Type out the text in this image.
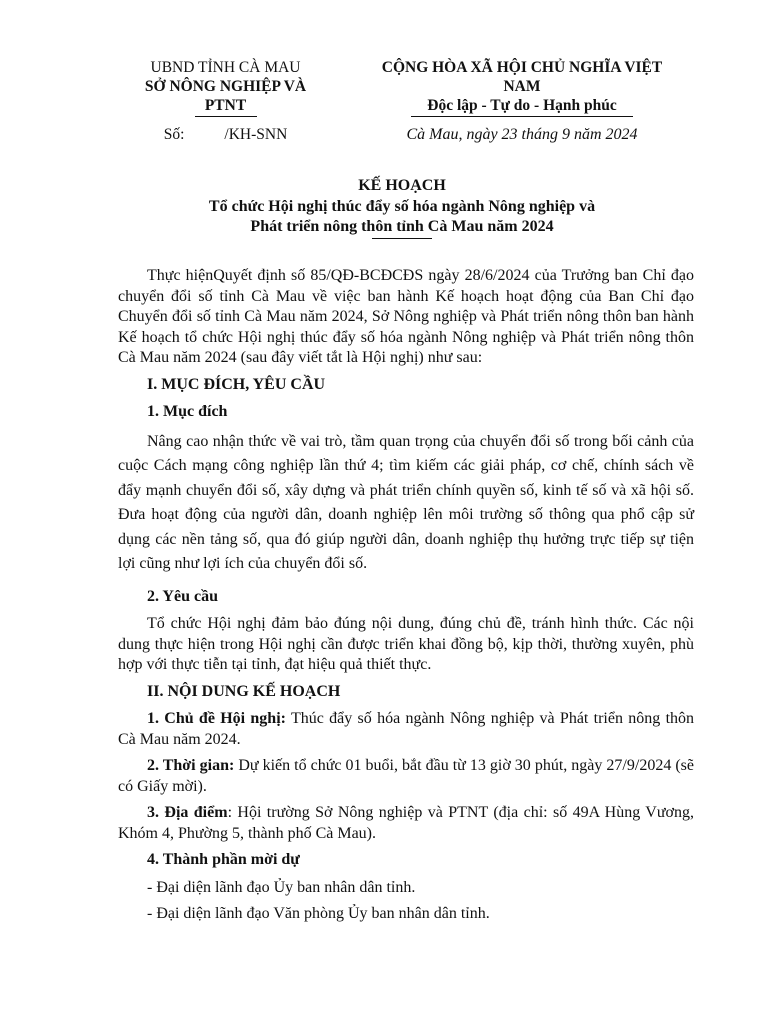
UBND TỈNH CÀ MAU
SỞ NÔNG NGHIỆP VÀ
PTNT
Số:	/KH-SNN
CỘNG HÒA XÃ HỘI CHỦ NGHĨA VIỆT
NAM
Độc lập - Tự do - Hạnh phúc
Cà Mau, ngày 23 tháng 9 năm 2024
KẾ HOẠCH
Tổ chức Hội nghị thúc đẩy số hóa ngành Nông nghiệp và
Phát triển nông thôn tỉnh Cà Mau năm 2024

Thực hiệnQuyết định số 85/QĐ-BCĐCĐS ngày 28/6/2024 của Trưởng ban Chỉ đạo chuyển đổi số tỉnh Cà Mau về việc ban hành Kế hoạch hoạt động của Ban Chỉ đạo Chuyển đổi số tỉnh Cà Mau năm 2024, Sở Nông nghiệp và Phát triển nông thôn ban hành Kế hoạch tổ chức Hội nghị thúc đẩy số hóa ngành Nông nghiệp và Phát triển nông thôn Cà Mau năm 2024 (sau đây viết tắt là Hội nghị) như sau:

I. MỤC ĐÍCH, YÊU CẦU
1. Mục đích

Nâng cao nhận thức về vai trò, tầm quan trọng của chuyển đổi số trong bối cảnh của cuộc Cách mạng công nghiệp lần thứ 4; tìm kiếm các giải pháp, cơ chế, chính sách về đẩy mạnh chuyển đổi số, xây dựng và phát triển chính quyền số, kinh tế số và xã hội số. Đưa hoạt động của người dân, doanh nghiệp lên môi trường số thông qua phổ cập sử dụng các nền tảng số, qua đó giúp người dân, doanh nghiệp thụ hưởng trực tiếp sự tiện lợi cũng như lợi ích của chuyển đổi số.

2. Yêu cầu

Tổ chức Hội nghị đảm bảo đúng nội dung, đúng chủ đề, tránh hình thức. Các nội dung thực hiện trong Hội nghị cần được triển khai đồng bộ, kịp thời, thường xuyên, phù hợp với thực tiễn tại tỉnh, đạt hiệu quả thiết thực.

II. NỘI DUNG KẾ HOẠCH

1. Chủ đề Hội nghị: Thúc đẩy số hóa ngành Nông nghiệp và Phát triển nông thôn Cà Mau năm 2024.

2. Thời gian: Dự kiến tổ chức 01 buổi, bắt đầu từ 13 giờ 30 phút, ngày 27/9/2024 (sẽ có Giấy mời).

3. Địa điểm: Hội trường Sở Nông nghiệp và PTNT (địa chỉ: số 49A Hùng Vương, Khóm 4, Phường 5, thành phố Cà Mau).

4. Thành phần mời dự

- Đại diện lãnh đạo Ủy ban nhân dân tỉnh.

- Đại diện lãnh đạo Văn phòng Ủy ban nhân dân tỉnh.
